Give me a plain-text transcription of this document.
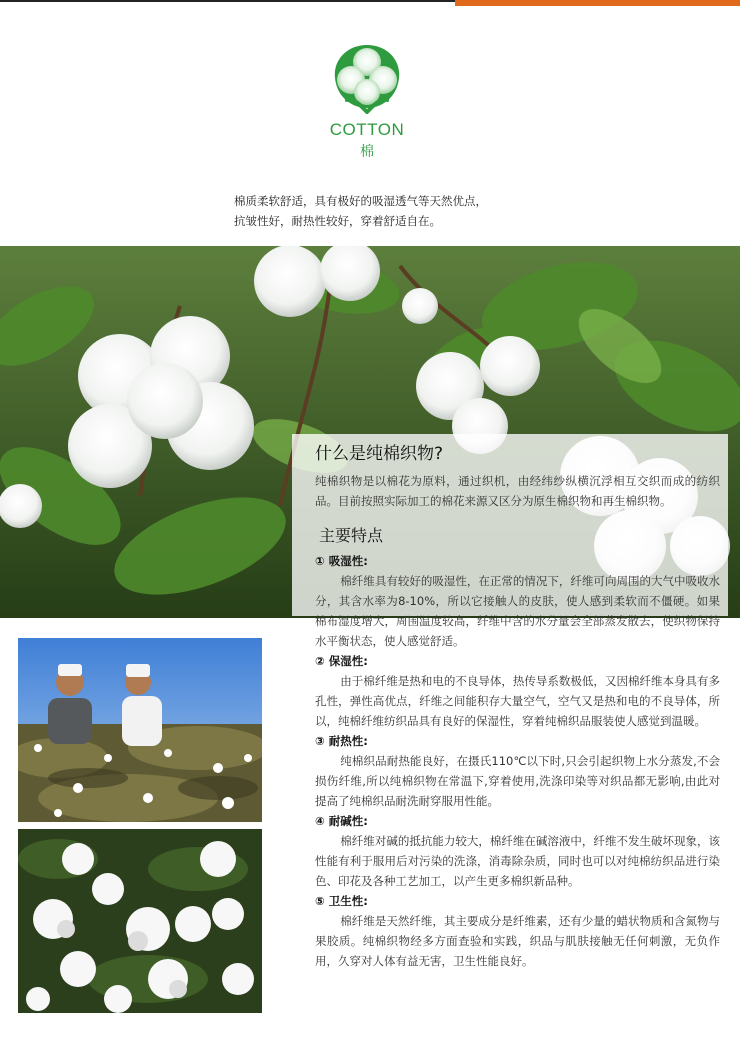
COTTON
棉
棉质柔软舒适，具有极好的吸湿透气等天然优点，
抗皱性好，耐热性较好，穿着舒适自在。
什么是纯棉织物?

纯棉织物是以棉花为原料，通过织机，由经纬纱纵横沉浮相互交织而成的纺织品。目前按照实际加工的棉花来源又区分为原生棉织物和再生棉织物。

主要特点

① 吸湿性:

棉纤维具有较好的吸湿性，在正常的情况下，纤维可向周围的大气中吸收水分，其含水率为8-10%，所以它接触人的皮肤，使人感到柔软而不僵硬。如果棉布湿度增大，周围温度较高，纤维中含的水分量会全部蒸发散去，使织物保持水平衡状态，使人感觉舒适。

② 保湿性:

由于棉纤维是热和电的不良导体，热传导系数极低，又因棉纤维本身具有多孔性，弹性高优点，纤维之间能积存大量空气，空气又是热和电的不良导体，所以，纯棉纤维纺织品具有良好的保湿性，穿着纯棉织品服装使人感觉到温暖。

③ 耐热性:

纯棉织品耐热能良好，在摄氏110℃以下时,只会引起织物上水分蒸发,不会损伤纤维,所以纯棉织物在常温下,穿着使用,洗涤印染等对织品都无影响,由此对提高了纯棉织品耐洗耐穿服用性能。

④ 耐碱性:

棉纤维对碱的抵抗能力较大，棉纤维在碱溶液中，纤维不发生破坏现象，该性能有利于服用后对污染的洗涤，消毒除杂质，同时也可以对纯棉纺织品进行染色、印花及各种工艺加工，以产生更多棉织新品种。

⑤ 卫生性:

棉纤维是天然纤维，其主要成分是纤维素，还有少量的蜡状物质和含氮物与果胶质。纯棉织物经多方面查验和实践，织品与肌肤接触无任何刺激，无负作用，久穿对人体有益无害，卫生性能良好。
